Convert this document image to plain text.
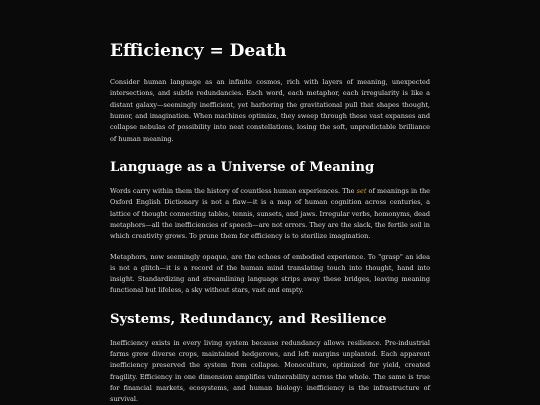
Efficiency = Death

Consider human language as an infinite cosmos, rich with layers of meaning, unexpected intersections, and subtle redundancies. Each word, each metaphor, each irregularity is like a distant galaxy—seemingly inefficient, yet harboring the gravitational pull that shapes thought, humor, and imagination. When machines optimize, they sweep through these vast expanses and collapse nebulas of possibility into neat constellations, losing the soft, unpredictable brilliance of human meaning.

Language as a Universe of Meaning

Words carry within them the history of countless human experiences. The set of meanings in the Oxford English Dictionary is not a flaw—it is a map of human cognition across centuries, a lattice of thought connecting tables, tennis, sunsets, and jaws. Irregular verbs, homonyms, dead metaphors—all the inefficiencies of speech—are not errors. They are the slack, the fertile soil in which creativity grows. To prune them for efficiency is to sterilize imagination.

Metaphors, now seemingly opaque, are the echoes of embodied experience. To "grasp" an idea is not a glitch—it is a record of the human mind translating touch into thought, hand into insight. Standardizing and streamlining language strips away these bridges, leaving meaning functional but lifeless, a sky without stars, vast and empty.

Systems, Redundancy, and Resilience

Inefficiency exists in every living system because redundancy allows resilience. Pre-industrial farms grew diverse crops, maintained hedgerows, and left margins unplanted. Each apparent inefficiency preserved the system from collapse. Monoculture, optimized for yield, created fragility. Efficiency in one dimension amplifies vulnerability across the whole. The same is true for financial markets, ecosystems, and human biology: inefficiency is the infrastructure of survival.
